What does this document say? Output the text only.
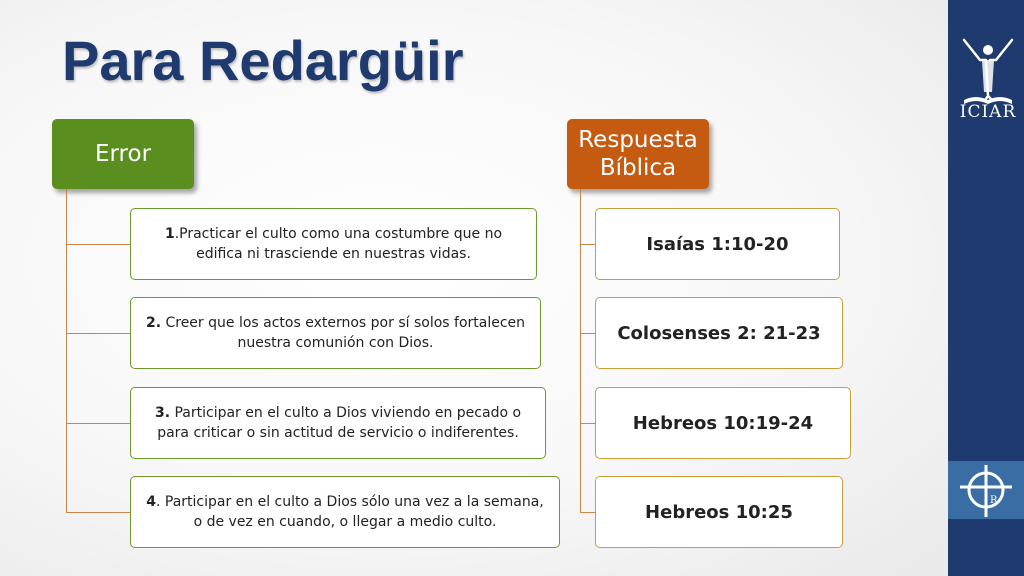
Para Redargüir
Error
1.Practicar el culto como una costumbre que no edifica ni trasciende en nuestras vidas.
2. Creer que los actos externos por sí solos fortalecen nuestra comunión con Dios.
3. Participar en el culto a Dios viviendo en pecado o para criticar o sin actitud de servicio o indiferentes.
4. Participar en el culto a Dios sólo una vez a la semana, o de vez en cuando, o llegar a medio culto.
Respuesta Bíblica
Isaías 1:10-20
Colosenses 2: 21-23
Hebreos 10:19-24
Hebreos 10:25
ICIAR
R
